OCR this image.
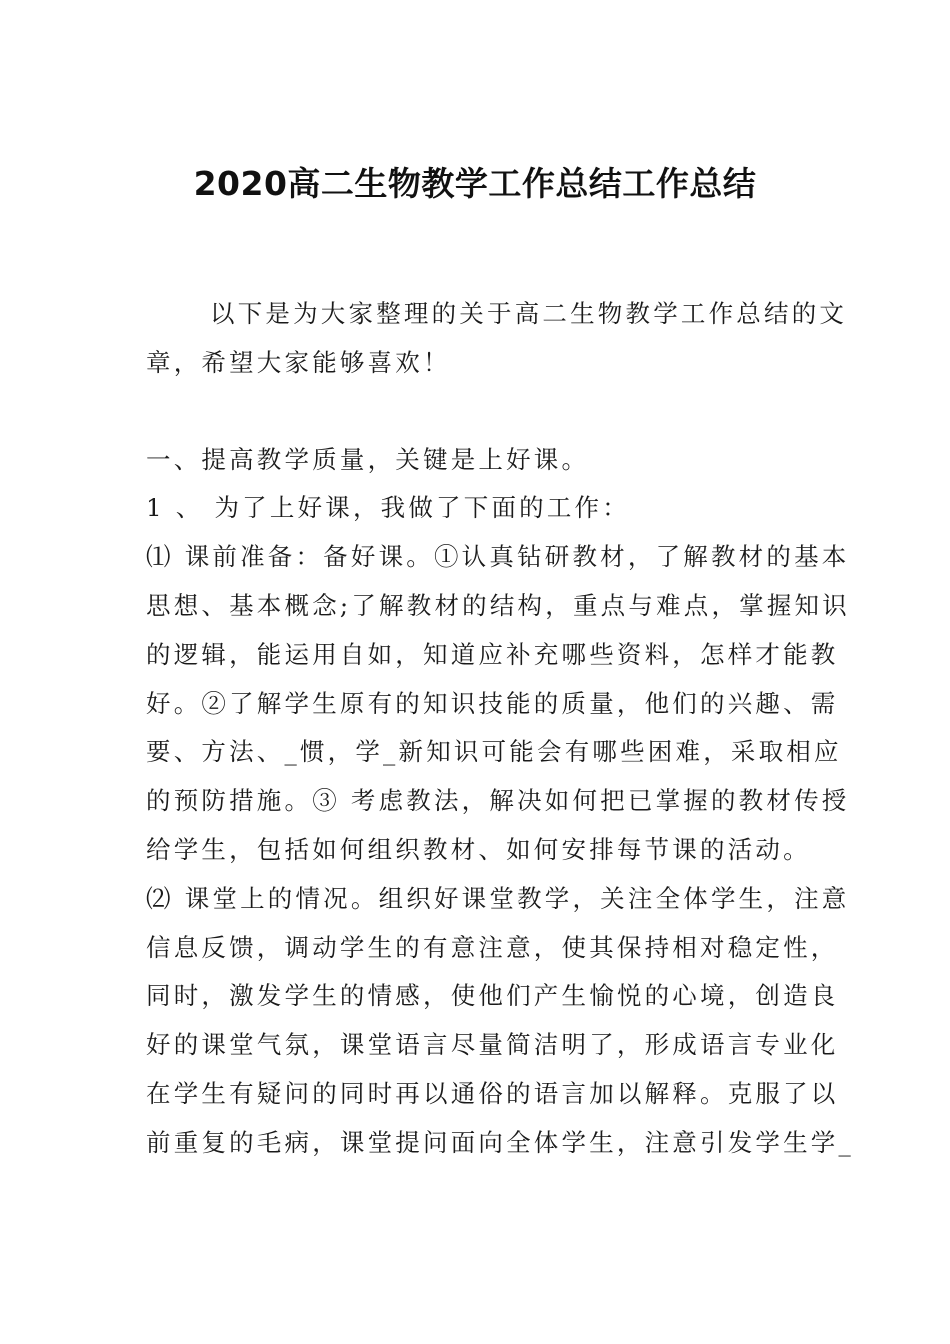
2020高二生物教学工作总结工作总结
以下是为大家整理的关于高二生物教学工作总结的文
章，希望大家能够喜欢！
一、提高教学质量，关键是上好课。
1 、 为了上好课，我做了下面的工作：
⑴ 课前准备：备好课。①认真钻研教材，了解教材的基本
思想、基本概念;了解教材的结构，重点与难点，掌握知识
的逻辑，能运用自如，知道应补充哪些资料，怎样才能教
好。②了解学生原有的知识技能的质量，他们的兴趣、需
要、方法、_惯，学_新知识可能会有哪些困难，采取相应
的预防措施。③ 考虑教法，解决如何把已掌握的教材传授
给学生，包括如何组织教材、如何安排每节课的活动。
⑵ 课堂上的情况。组织好课堂教学，关注全体学生，注意
信息反馈，调动学生的有意注意，使其保持相对稳定性，
同时，激发学生的情感，使他们产生愉悦的心境，创造良
好的课堂气氛，课堂语言尽量简洁明了，形成语言专业化
在学生有疑问的同时再以通俗的语言加以解释。克服了以
前重复的毛病，课堂提问面向全体学生，注意引发学生学_
